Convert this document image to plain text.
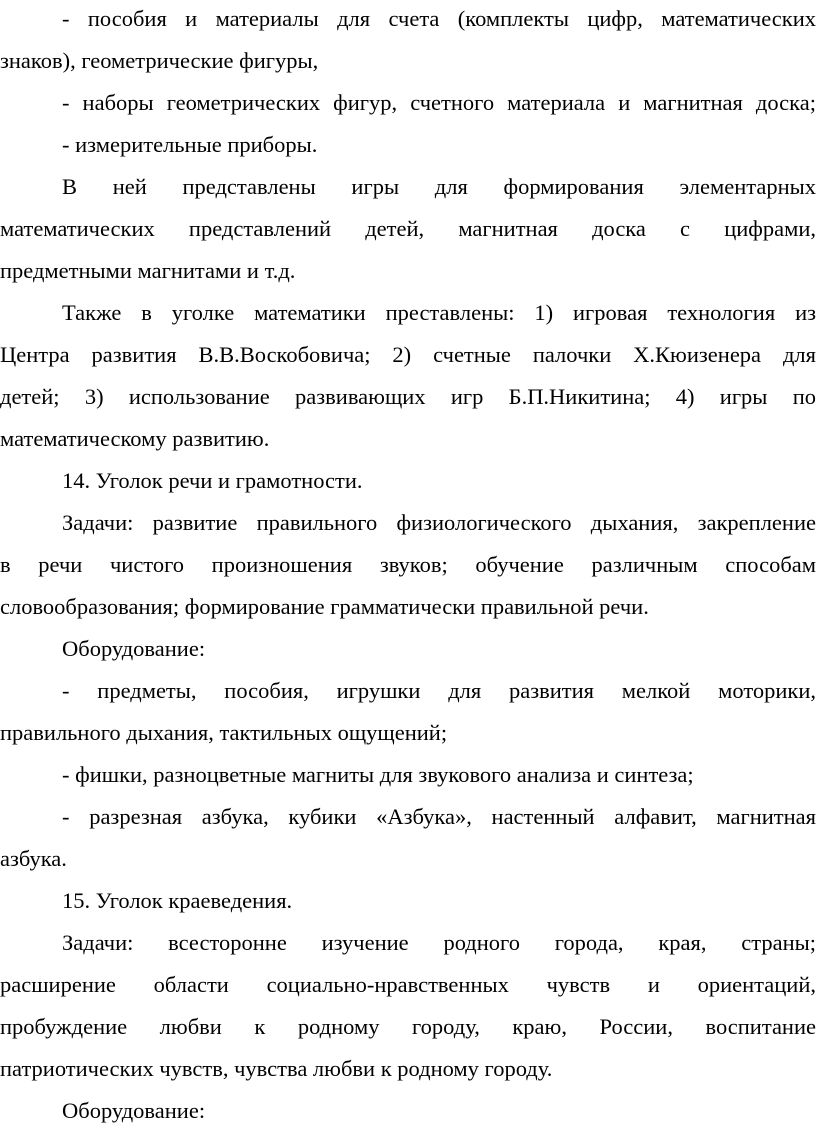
- пособия и материалы для счета (комплекты цифр, математических
знаков), геометрические фигуры,
- наборы геометрических фигур, счетного материала и магнитная доска;
- измерительные приборы.
В ней представлены игры для формирования элементарных
математических представлений детей, магнитная доска с цифрами,
предметными магнитами и т.д.
Также в уголке математики преставлены: 1) игровая технология из
Центра развития В.В.Воскобовича; 2) счетные палочки Х.Кюизенера для
детей; 3) использование развивающих игр Б.П.Никитина; 4) игры по
математическому развитию.
14. Уголок речи и грамотности.
Задачи: развитие правильного физиологического дыхания, закрепление
в речи чистого произношения звуков; обучение различным способам
словообразования; формирование грамматически правильной речи.
Оборудование:
- предметы, пособия, игрушки для развития мелкой моторики,
правильного дыхания, тактильных ощущений;
- фишки, разноцветные магниты для звукового анализа и синтеза;
- разрезная азбука, кубики «Азбука», настенный алфавит, магнитная
азбука.
15. Уголок краеведения.
Задачи: всесторонне изучение родного города, края, страны;
расширение области социально-нравственных чувств и ориентаций,
пробуждение любви к родному городу, краю, России, воспитание
патриотических чувств, чувства любви к родному городу.
Оборудование:
